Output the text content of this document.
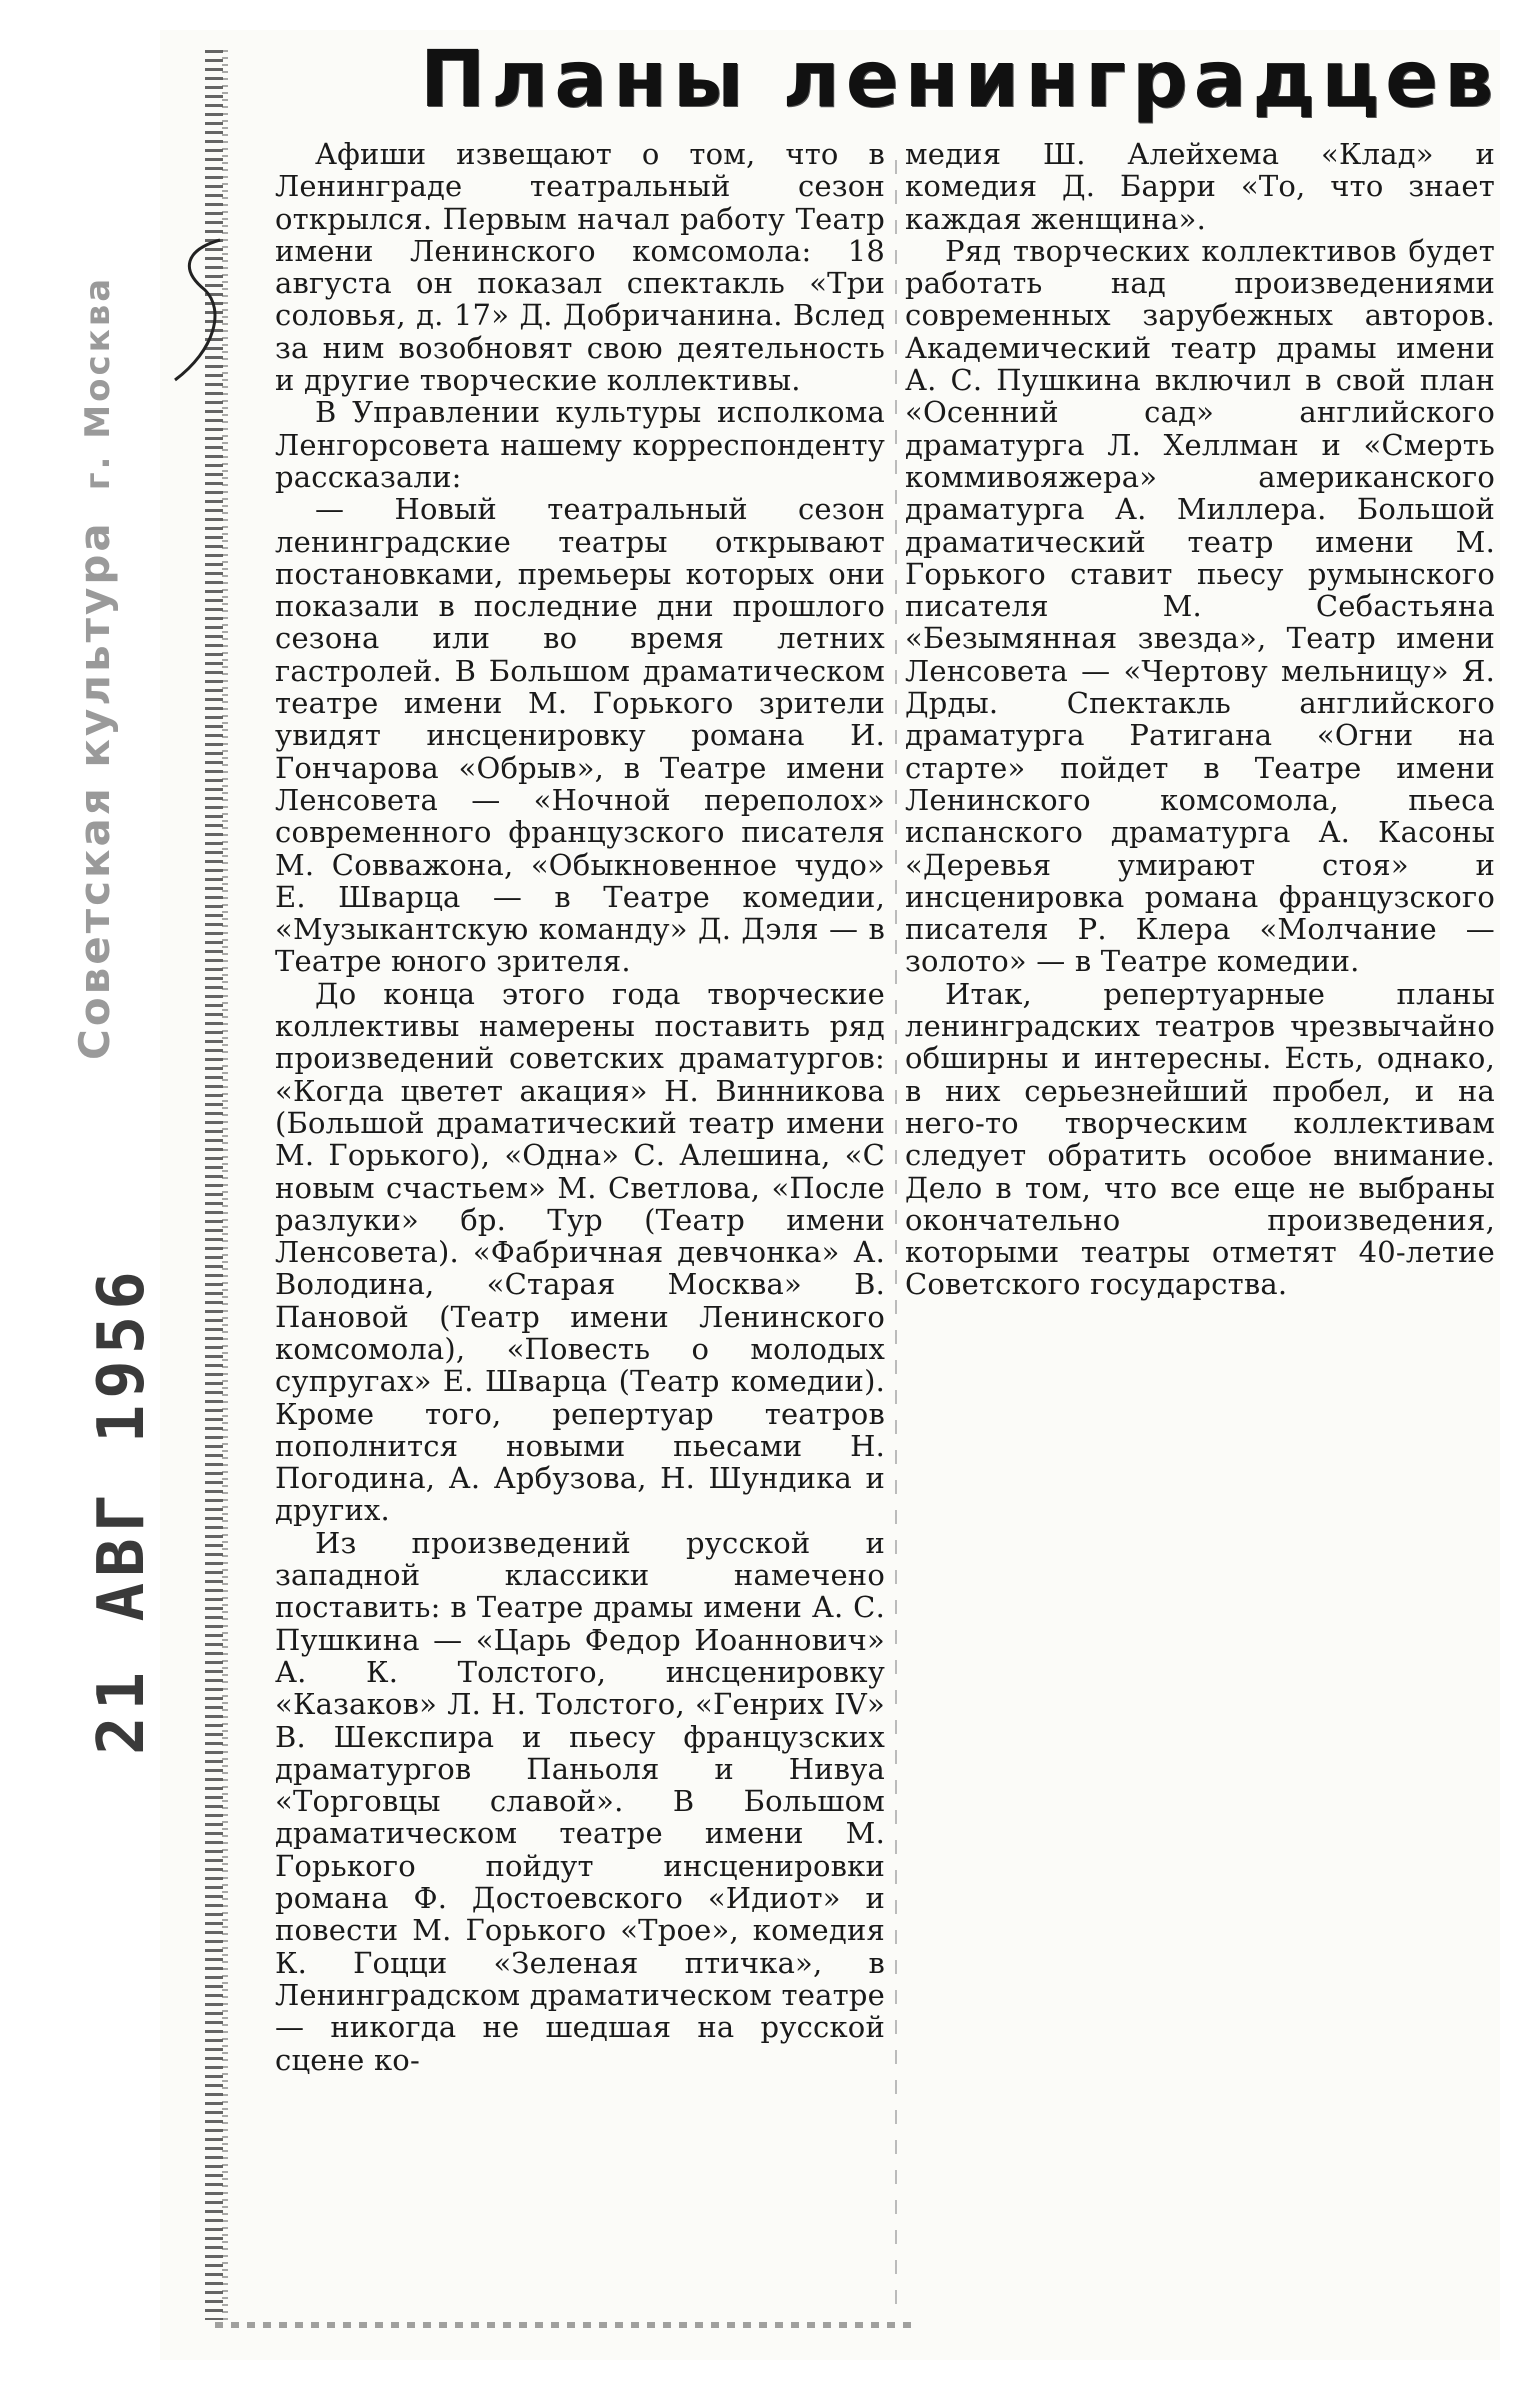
Советская культураг. Москва
21 АВГ 1956
Планы ленинградцев

Афиши извещают о том, что в Ленинграде театральный сезон открылся. Первым начал работу Театр имени Ленинского комсомола: 18 августа он показал спектакль «Три соловья, д. 17» Д. Добричанина. Вслед за ним возобновят свою деятельность и другие творческие коллективы.

В Управлении культуры исполкома Ленгорсовета нашему корреспонденту рассказали:

— Новый театральный сезон ленинградские театры открывают постановками, премьеры которых они показали в последние дни прошлого сезона или во время летних гастролей. В Большом драматическом театре имени М. Горького зрители увидят инсценировку романа И. Гончарова «Обрыв», в Театре имени Ленсовета — «Ночной переполох» современного французского писателя М. Совважона, «Обыкновенное чудо» Е. Шварца — в Театре комедии, «Музыкантскую команду» Д. Дэля — в Театре юного зрителя.

До конца этого года творческие коллективы намерены поставить ряд произведений советских драматургов: «Когда цветет акация» Н. Винникова (Большой драматический театр имени М. Горького), «Одна» С. Алешина, «С новым счастьем» М. Светлова, «После разлуки» бр. Тур (Театр имени Ленсовета). «Фабричная девчонка» А. Володина, «Старая Москва» В. Пановой (Театр имени Ленинского комсомола), «Повесть о молодых супругах» Е. Шварца (Театр комедии). Кроме того, репертуар театров пополнится новыми пьесами Н. Погодина, А. Арбузова, Н. Шундика и других.

Из произведений русской и западной классики намечено поставить: в Театре драмы имени А. С. Пушкина — «Царь Федор Иоаннович» А. К. Толстого, инсценировку «Казаков» Л. Н. Толстого, «Генрих IV» В. Шекспира и пьесу французских драматургов Паньоля и Нивуа «Торговцы славой». В Большом драматическом театре имени М. Горького пойдут инсценировки романа Ф. Достоевского «Идиот» и повести М. Горького «Трое», комедия К. Гоцци «Зеленая птичка», в Ленинградском драматическом театре — никогда не шедшая на русской сцене ко-

медия Ш. Алейхема «Клад» и комедия Д. Барри «То, что знает каждая женщина».

Ряд творческих коллективов будет работать над произведениями современных зарубежных авторов. Академический театр драмы имени А. С. Пушкина включил в свой план «Осенний сад» английского драматурга Л. Хеллман и «Смерть коммивояжера» американского драматурга А. Миллера. Большой драматический театр имени М. Горького ставит пьесу румынского писателя М. Себастьяна «Безымянная звезда», Театр имени Ленсовета — «Чертову мельницу» Я. Дрды. Спектакль английского драматурга Ратигана «Огни на старте» пойдет в Театре имени Ленинского комсомола, пьеса испанского драматурга А. Касоны «Деревья умирают стоя» и инсценировка романа французского писателя Р. Клера «Молчание — золото» — в Театре комедии.

Итак, репертуарные планы ленинградских театров чрезвычайно обширны и интересны. Есть, однако, в них серьезнейший пробел, и на него-то творческим коллективам следует обратить особое внимание. Дело в том, что все еще не выбраны окончательно произведения, которыми театры отметят 40-летие Советского государства.
